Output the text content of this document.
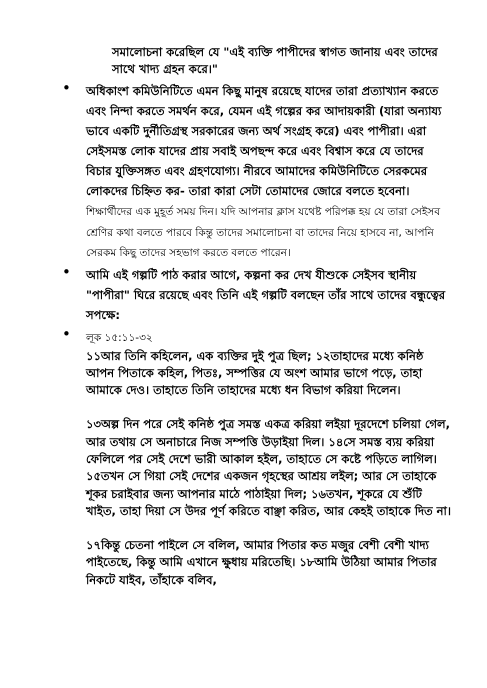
সমালোচনা করেছিল যে "এই ব্যক্তি পাপীদের স্বাগত জানায় এবং তাদের সাথে খাদ্য গ্রহন করে।"

• অধিকাংশ কমিউনিটিতে এমন কিছু মানুষ রয়েছে যাদের তারা প্রত্যাখ্যান করতে এবং নিন্দা করতে সমর্থন করে, যেমন এই গল্পের কর আদায়কারী (যারা অন্যায্য ভাবে একটি দুর্নীতিগ্রস্থ সরকারের জন্য অর্থ সংগ্রহ করে) এবং পাপীরা। এরা সেইসমস্ত লোক যাদের প্রায় সবাই অপছন্দ করে এবং বিশ্বাস করে যে তাদের বিচার যুক্তিসঙ্গত এবং গ্রহণযোগ্য। নীরবে আমাদের কমিউনিটিতে সেরকমের লোকদের চিহ্নিত কর- তারা কারা সেটা তোমাদের জোরে বলতে হবেনা। শিক্ষার্থীদের এক মুহূর্ত সময় দিন। যদি আপনার ক্লাস যথেষ্ট পরিপক্ক হয় যে তারা সেইসব শ্রেণির কথা বলতে পারবে কিন্তু তাদের সমালোচনা বা তাদের নিয়ে হাসবে না, আপনি সেরকম কিছু তাদের সহভাগ করতে বলতে পারেন।
• আমি এই গল্পটি পাঠ করার আগে, কল্পনা কর দেখ যীশুকে সেইসব স্থানীয় "পাপীরা" ঘিরে রয়েছে এবং তিনি এই গল্পটি বলছেন তাঁর সাথে তাদের বন্ধুত্বের সপক্ষে:
• লূক ১৫:১১-৩২

১১আর তিনি কহিলেন, এক ব্যক্তির দুই পুত্র ছিল; ১২তাহাদের মধ্যে কনিষ্ঠ আপন পিতাকে কহিল, পিতঃ, সম্পত্তির যে অংশ আমার ভাগে পড়ে, তাহা আমাকে দেও। তাহাতে তিনি তাহাদের মধ্যে ধন বিভাগ করিয়া দিলেন।

১৩অল্প দিন পরে সেই কনিষ্ঠ পুত্র সমস্ত একত্র করিয়া লইয়া দূরদেশে চলিয়া গেল, আর তথায় সে অনাচারে নিজ সম্পত্তি উড়াইয়া দিল। ১৪সে সমস্ত ব্যয় করিয়া ফেলিলে পর সেই দেশে ভারী আকাল হইল, তাহাতে সে কষ্টে পড়িতে লাগিল। ১৫তখন সে গিয়া সেই দেশের একজন গৃহস্থের আশ্রয় লইল; আর সে তাহাকে শূকর চরাইবার জন্য আপনার মাঠে পাঠাইয়া দিল; ১৬তখন, শূকরে যে শুঁটি খাইত, তাহা দিয়া সে উদর পূর্ণ করিতে বাঞ্ছা করিত, আর কেহই তাহাকে দিত না।

১৭কিন্তু চেতনা পাইলে সে বলিল, আমার পিতার কত মজুর বেশী বেশী খাদ্য পাইতেছে, কিন্তু আমি এখানে ক্ষুধায় মরিতেছি। ১৮আমি উঠিয়া আমার পিতার নিকটে যাইব, তাঁহাকে বলিব,
